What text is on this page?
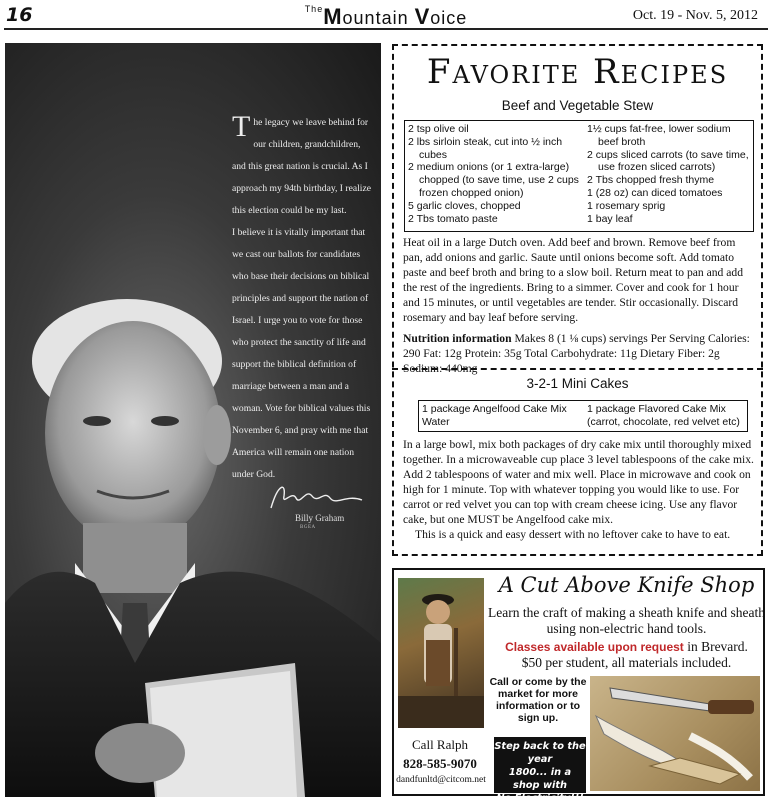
16	$^{The}$Mountain Voice	Oct. 19 - Nov. 5, 2012

The legacy we leave behind for our children, grandchildren, and this great nation is crucial. As I approach my 94th birthday, I realize this election could be my last.

I believe it is vitally important that we cast our ballots for candidates who base their decisions on biblical principles and support the nation of Israel. I urge you to vote for those who protect the sanctity of life and support the biblical definition of marriage between a man and a woman. Vote for biblical values this November 6, and pray with me that America will remain one nation under God.

Billy Graham
BGEA
Favorite Recipes
Beef and Vegetable Stew
2 tsp olive oil
2 lbs sirloin steak, cut into ½ inch cubes
2 medium onions (or 1 extra-large) chopped (to save time, use 2 cups frozen chopped onion)
5 garlic cloves, chopped
2 Tbs tomato paste
1½ cups fat-free, lower sodium beef broth
2 cups sliced carrots (to save time, use frozen sliced carrots)
2 Tbs chopped fresh thyme
1 (28 oz) can diced tomatoes
1 rosemary sprig
1 bay leaf

Heat oil in a large Dutch oven. Add beef and brown. Remove beef from pan, add onions and garlic. Saute until onions become soft. Add tomato paste and beef broth and bring to a slow boil. Return meat to pan and add the rest of the ingredients. Bring to a simmer. Cover and cook for 1 hour and 15 minutes, or until vegetables are tender. Stir occasionally. Discard rosemary and bay leaf before serving.

Nutrition information Makes 8 (1 ⅛ cups) servings Per Serving Calories: 290 Fat: 12g Protein: 35g Total Carbohydrate: 11g Dietary Fiber: 2g Sodium: 440mg

3-2-1 Mini Cakes
1 package Angelfood Cake Mix
Water
1 package Flavored Cake Mix
(carrot, chocolate, red velvet etc)

In a large bowl, mix both packages of dry cake mix until thoroughly mixed together. In a microwaveable cup place 3 level tablespoons of the cake mix. Add 2 tablespoons of water and mix well. Place in microwave and cook on high for 1 minute. Top with whatever topping you would like to use. For carrot or red velvet you can top with cream cheese icing. Use any flavor cake, but one MUST be Angelfood cake mix.

This is a quick and easy dessert with no leftover cake to have to eat.

A Cut Above Knife Shop
Learn the craft of making a sheath knife and sheath using non-electric hand tools.
Classes available upon request in Brevard.
$50 per student, all materials included.
Call or come by the market for more information or to sign up.
Call Ralph
828-585-9070
dandfunltd@citcom.net
Step back to the year
1800... in a shop with
No Electricity!!!
